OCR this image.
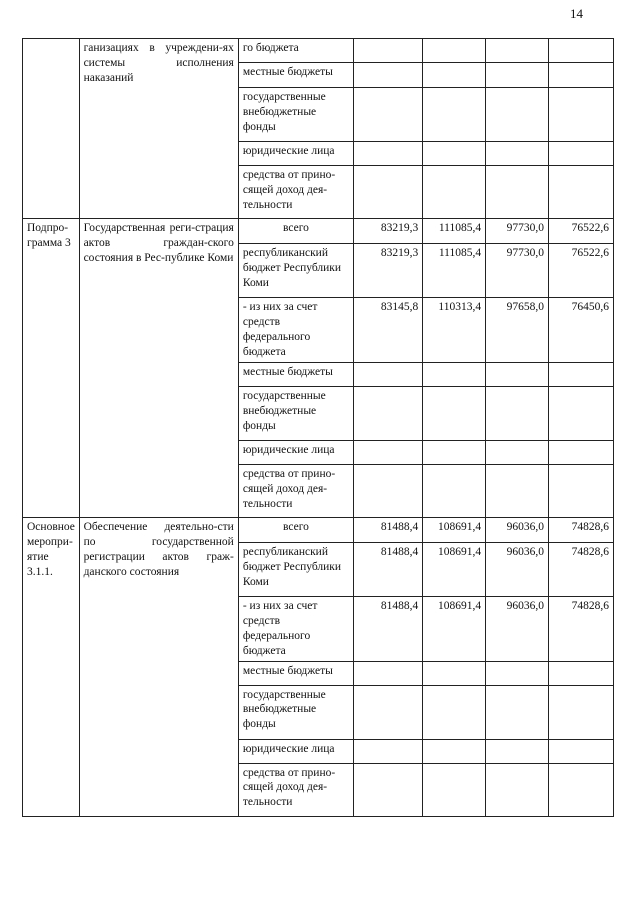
14
	ганизациях в учреждени-ях системы исполнения наказаний	го бюджета				
		местные бюджеты				
		государственные внебюджетные фонды				
		юридические лица				
		средства от прино-сящей доход дея-тельности				
Подпро-грамма 3	Государственная реги-страция актов граждан-ского состояния в Рес-публике Коми	всего	83219,3	111085,4	97730,0	76522,6
		республиканский бюджет Республики Коми	83219,3	111085,4	97730,0	76522,6
		- из них за счет средств федерального бюджета	83145,8	110313,4	97658,0	76450,6
		местные бюджеты				
		государственные внебюджетные фонды				
		юридические лица				
		средства от прино-сящей доход дея-тельности				
Основное меропри-ятие 3.1.1.	Обеспечение деятельно-сти по государственной регистрации актов граж-данского состояния	всего	81488,4	108691,4	96036,0	74828,6
		республиканский бюджет Республики Коми	81488,4	108691,4	96036,0	74828,6
		- из них за счет средств федерального бюджета	81488,4	108691,4	96036,0	74828,6
		местные бюджеты				
		государственные внебюджетные фонды				
		юридические лица				
		средства от прино-сящей доход дея-тельности				
